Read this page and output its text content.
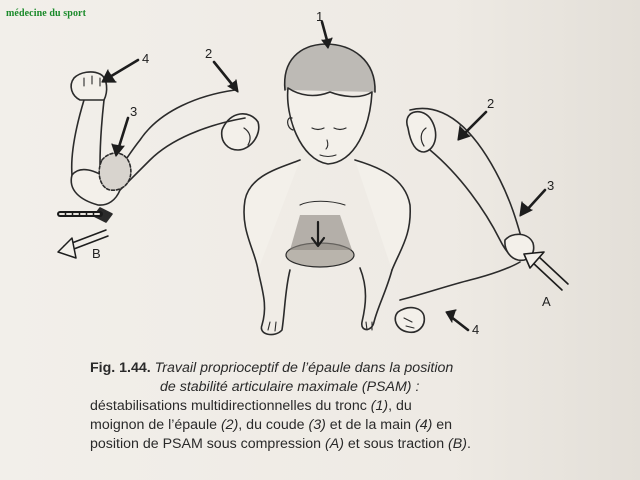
médecine du sport	1
2
2
3
3
4
4
A
B
Fig. 1.44. Travail proprioceptif de l’épaule dans la position
de stabilité articulaire maximale (PSAM) :
déstabilisations multidirectionnelles du tronc (1), du
moignon de l’épaule (2), du coude (3) et de la main (4) en
position de PSAM sous compression (A) et sous traction (B).
